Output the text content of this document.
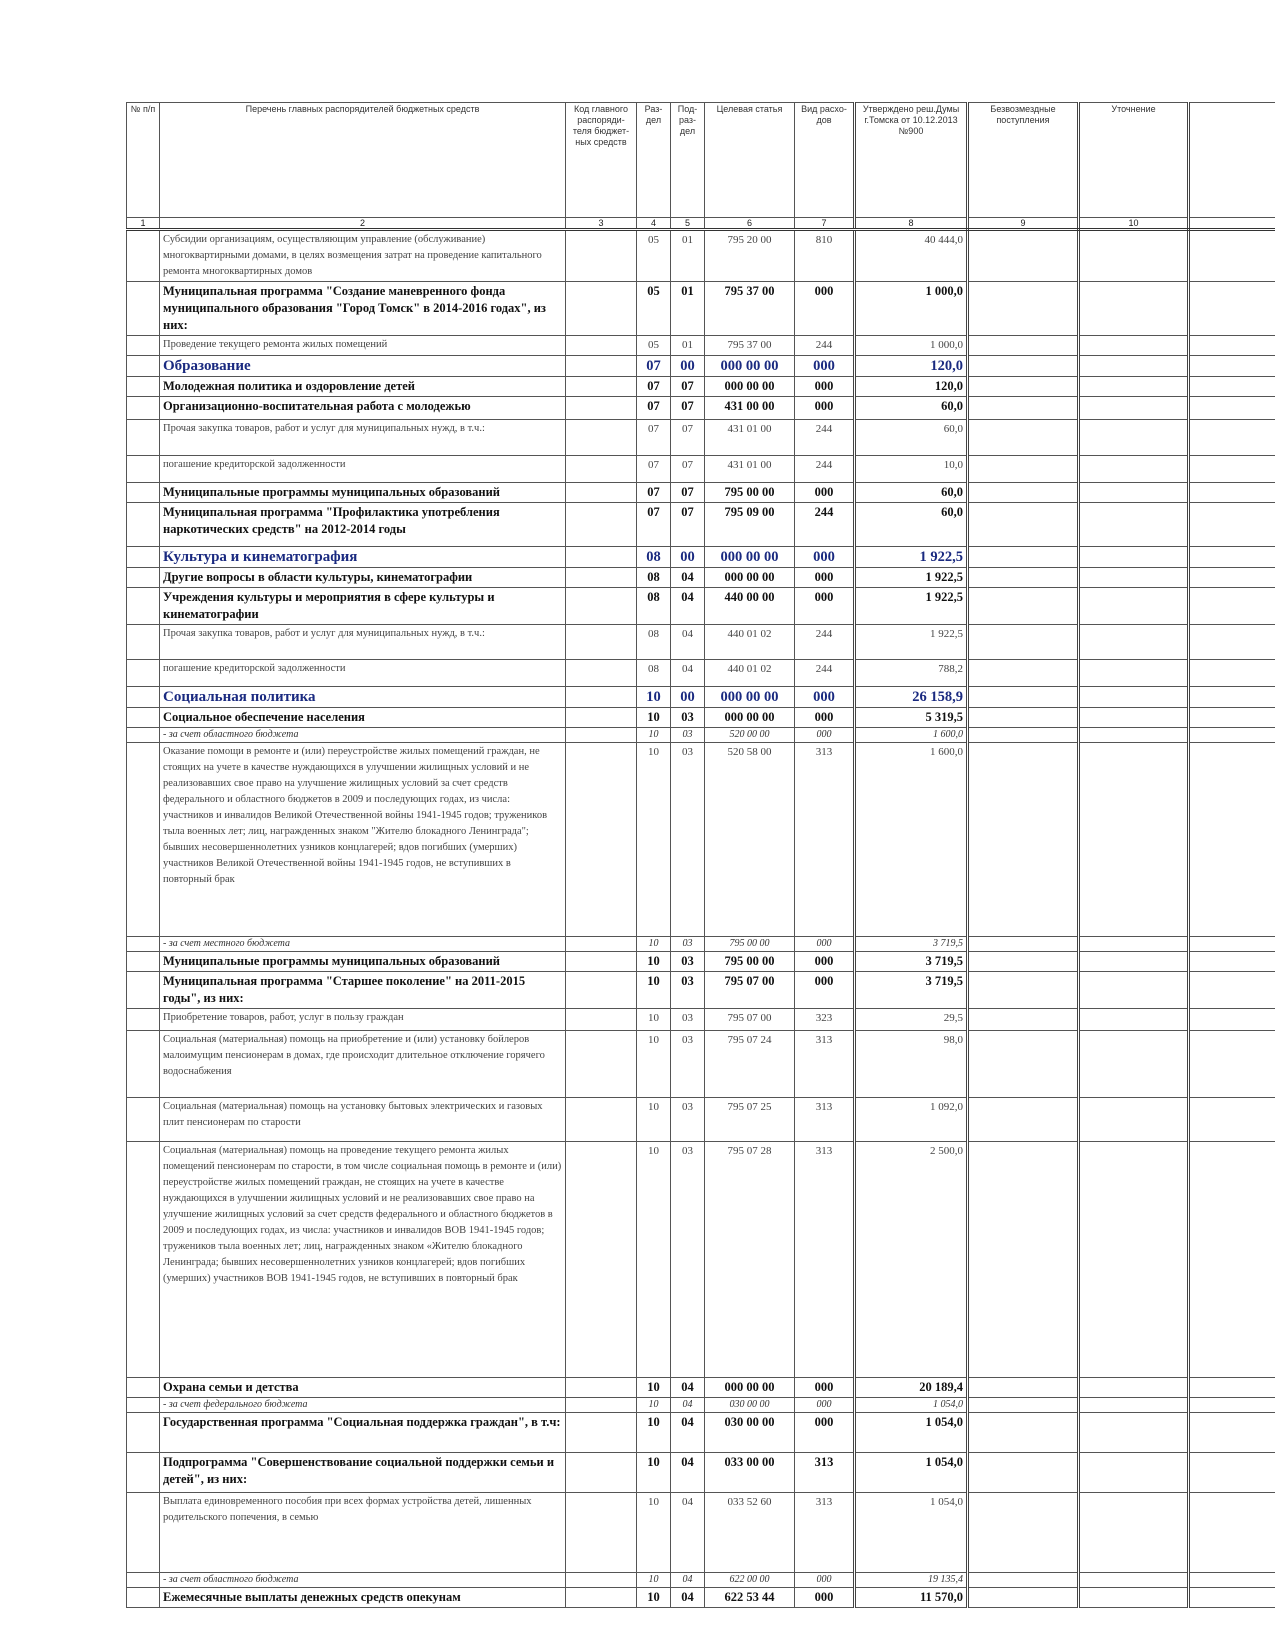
№ п/п	Перечень главных распорядителей бюджетных средств	Код главного распоряди- теля бюджет- ных средств	Раз- дел	Под- раз- дел	Целевая статья	Вид расхо- дов	Утверждено реш.Думы г.Томска от 10.12.2013 №900	Безвозмездные поступления	Уточнение	
1	2	3	4	5	6	7	8	9	10	
	Субсидии организациям, осуществляющим управление (обслуживание) многоквартирными домами, в целях возмещения затрат на проведение капитального ремонта многоквартирных домов		05	01	795 20 00	810	40 444,0			
	Муниципальная программа "Создание маневренного фонда муниципального образования "Город Томск" в 2014-2016 годах", из них:		05	01	795 37 00	000	1 000,0			
	Проведение текущего ремонта жилых помещений		05	01	795 37 00	244	1 000,0			
	Образование		07	00	000 00 00	000	120,0			
	Молодежная политика и оздоровление детей		07	07	000 00 00	000	120,0			
	Организационно-воспитательная работа с молодежью		07	07	431 00 00	000	60,0			
	Прочая закупка товаров, работ и услуг для муниципальных нужд, в т.ч.:		07	07	431 01 00	244	60,0			
	погашение кредиторской задолженности		07	07	431 01 00	244	10,0			
	Муниципальные программы муниципальных образований		07	07	795 00 00	000	60,0			
	Муниципальная программа "Профилактика употребления наркотических средств" на 2012-2014 годы		07	07	795 09 00	244	60,0			
	Культура и кинематография		08	00	000 00 00	000	1 922,5			
	Другие вопросы в области культуры, кинематографии		08	04	000 00 00	000	1 922,5			
	Учреждения культуры и мероприятия в сфере культуры и кинематографии		08	04	440 00 00	000	1 922,5			
	Прочая закупка товаров, работ и услуг для муниципальных нужд, в т.ч.:		08	04	440 01 02	244	1 922,5			
	погашение кредиторской задолженности		08	04	440 01 02	244	788,2			
	Социальная политика		10	00	000 00 00	000	26 158,9			
	Социальное обеспечение населения		10	03	000 00 00	000	5 319,5			
	- за счет областного бюджета		10	03	520 00 00	000	1 600,0			
	Оказание помощи в ремонте и (или) переустройстве жилых помещений граждан, не стоящих на учете в качестве нуждающихся в улучшении жилищных условий и не реализовавших свое право на улучшение жилищных условий за счет средств федерального и областного бюджетов в 2009 и последующих годах, из числа: участников и инвалидов Великой Отечественной войны 1941-1945 годов; тружеников тыла военных лет; лиц, награжденных знаком "Жителю блокадного Ленинграда"; бывших несовершеннолетних узников концлагерей; вдов погибших (умерших) участников Великой Отечественной войны 1941-1945 годов, не вступивших в повторный брак		10	03	520 58 00	313	1 600,0			
	- за счет местного бюджета		10	03	795 00 00	000	3 719,5			
	Муниципальные программы муниципальных образований		10	03	795 00 00	000	3 719,5			
	Муниципальная программа "Старшее поколение" на 2011-2015 годы", из них:		10	03	795 07 00	000	3 719,5			
	Приобретение товаров, работ, услуг в пользу граждан		10	03	795 07 00	323	29,5			
	Социальная (материальная) помощь на приобретение и (или) установку бойлеров малоимущим пенсионерам в домах, где происходит длительное отключение горячего водоснабжения		10	03	795 07 24	313	98,0			
	Социальная (материальная) помощь на установку бытовых электрических и газовых плит пенсионерам по старости		10	03	795 07 25	313	1 092,0			
	Социальная (материальная) помощь на проведение текущего ремонта жилых помещений пенсионерам по старости, в том числе социальная помощь в ремонте и (или) переустройстве жилых помещений граждан, не стоящих на учете в качестве нуждающихся в улучшении жилищных условий и не реализовавших свое право на улучшение жилищных условий за счет средств федерального и областного бюджетов в 2009 и последующих годах, из числа: участников и инвалидов ВОВ 1941-1945 годов; тружеников тыла военных лет; лиц, награжденных знаком «Жителю блокадного Ленинграда; бывших несовершеннолетних узников концлагерей; вдов погибших (умерших) участников ВОВ 1941-1945 годов, не вступивших в повторный брак		10	03	795 07 28	313	2 500,0			
	Охрана семьи и детства		10	04	000 00 00	000	20 189,4			
	- за счет федерального бюджета		10	04	030 00 00	000	1 054,0			
	Государственная программа "Социальная поддержка граждан", в т.ч:		10	04	030 00 00	000	1 054,0			
	Подпрограмма "Совершенствование социальной поддержки семьи и детей", из них:		10	04	033 00 00	313	1 054,0			
	Выплата единовременного пособия при всех формах устройства детей, лишенных родительского попечения, в семью		10	04	033 52 60	313	1 054,0			
	- за счет областного бюджета		10	04	622 00 00	000	19 135,4			
	Ежемесячные выплаты денежных средств опекунам		10	04	622 53 44	000	11 570,0			
